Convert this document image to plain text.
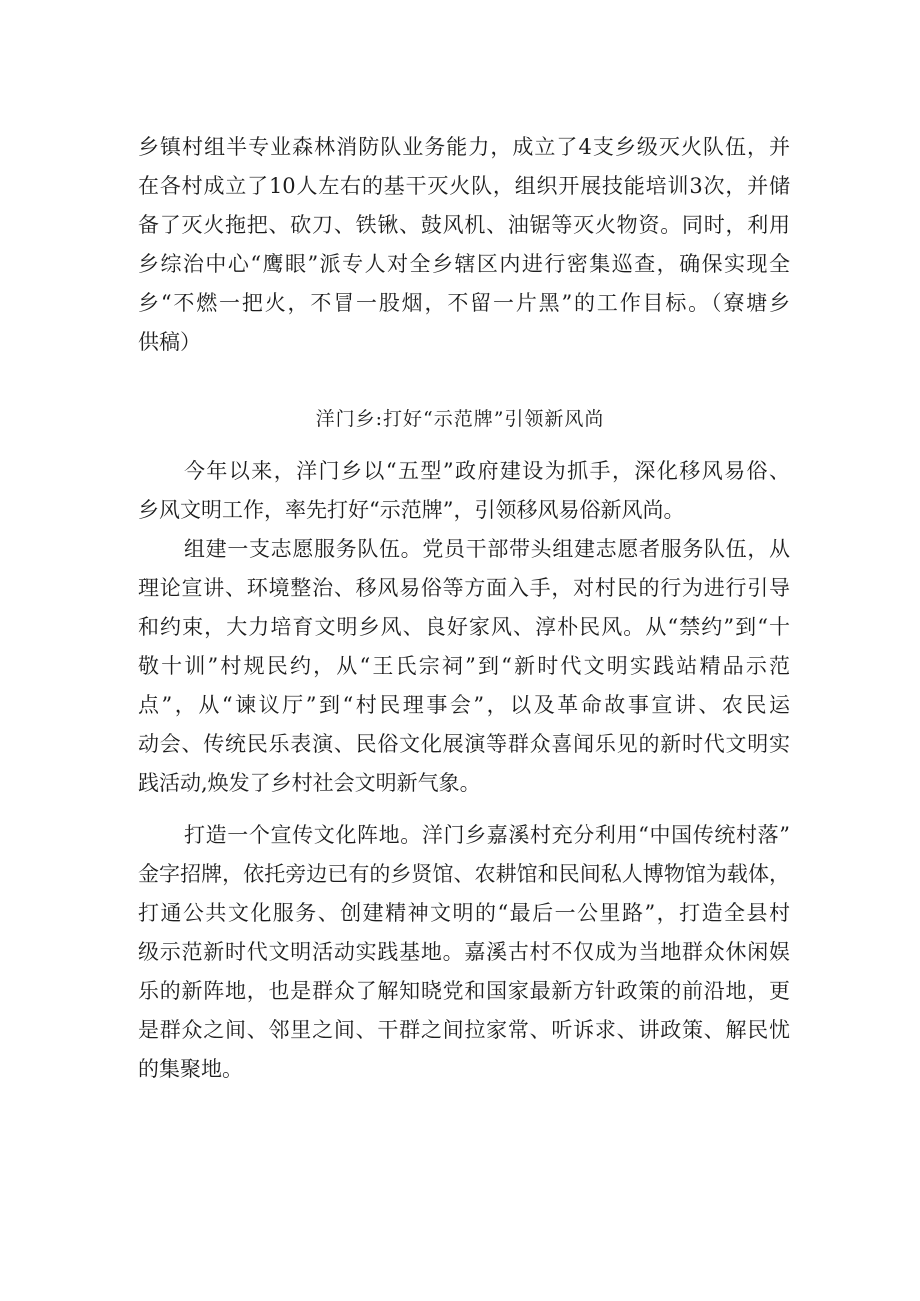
乡镇村组半专业森林消防队业务能力，成立了4支乡级灭火队伍，并
在各村成立了10人左右的基干灭火队，组织开展技能培训3次，并储
备了灭火拖把、砍刀、铁锹、鼓风机、油锯等灭火物资。同时，利用
乡综治中心“鹰眼”派专人对全乡辖区内进行密集巡查，确保实现全
乡“不燃一把火，不冒一股烟，不留一片黑”的工作目标。（寮塘乡
供稿）
洋门乡:打好“示范牌”引领新风尚
今年以来，洋门乡以“五型”政府建设为抓手，深化移风易俗、
乡风文明工作，率先打好“示范牌”，引领移风易俗新风尚。
组建一支志愿服务队伍。党员干部带头组建志愿者服务队伍，从
理论宣讲、环境整治、移风易俗等方面入手，对村民的行为进行引导
和约束，大力培育文明乡风、良好家风、淳朴民风。从“禁约”到“十
敬十训”村规民约，从“王氏宗祠”到“新时代文明实践站精品示范
点”，从“谏议厅”到“村民理事会”，以及革命故事宣讲、农民运
动会、传统民乐表演、民俗文化展演等群众喜闻乐见的新时代文明实
践活动,焕发了乡村社会文明新气象。
打造一个宣传文化阵地。洋门乡嘉溪村充分利用“中国传统村落”
金字招牌，依托旁边已有的乡贤馆、农耕馆和民间私人博物馆为载体，
打通公共文化服务、创建精神文明的“最后一公里路”，打造全县村
级示范新时代文明活动实践基地。嘉溪古村不仅成为当地群众休闲娱
乐的新阵地，也是群众了解知晓党和国家最新方针政策的前沿地，更
是群众之间、邻里之间、干群之间拉家常、听诉求、讲政策、解民忧
的集聚地。
